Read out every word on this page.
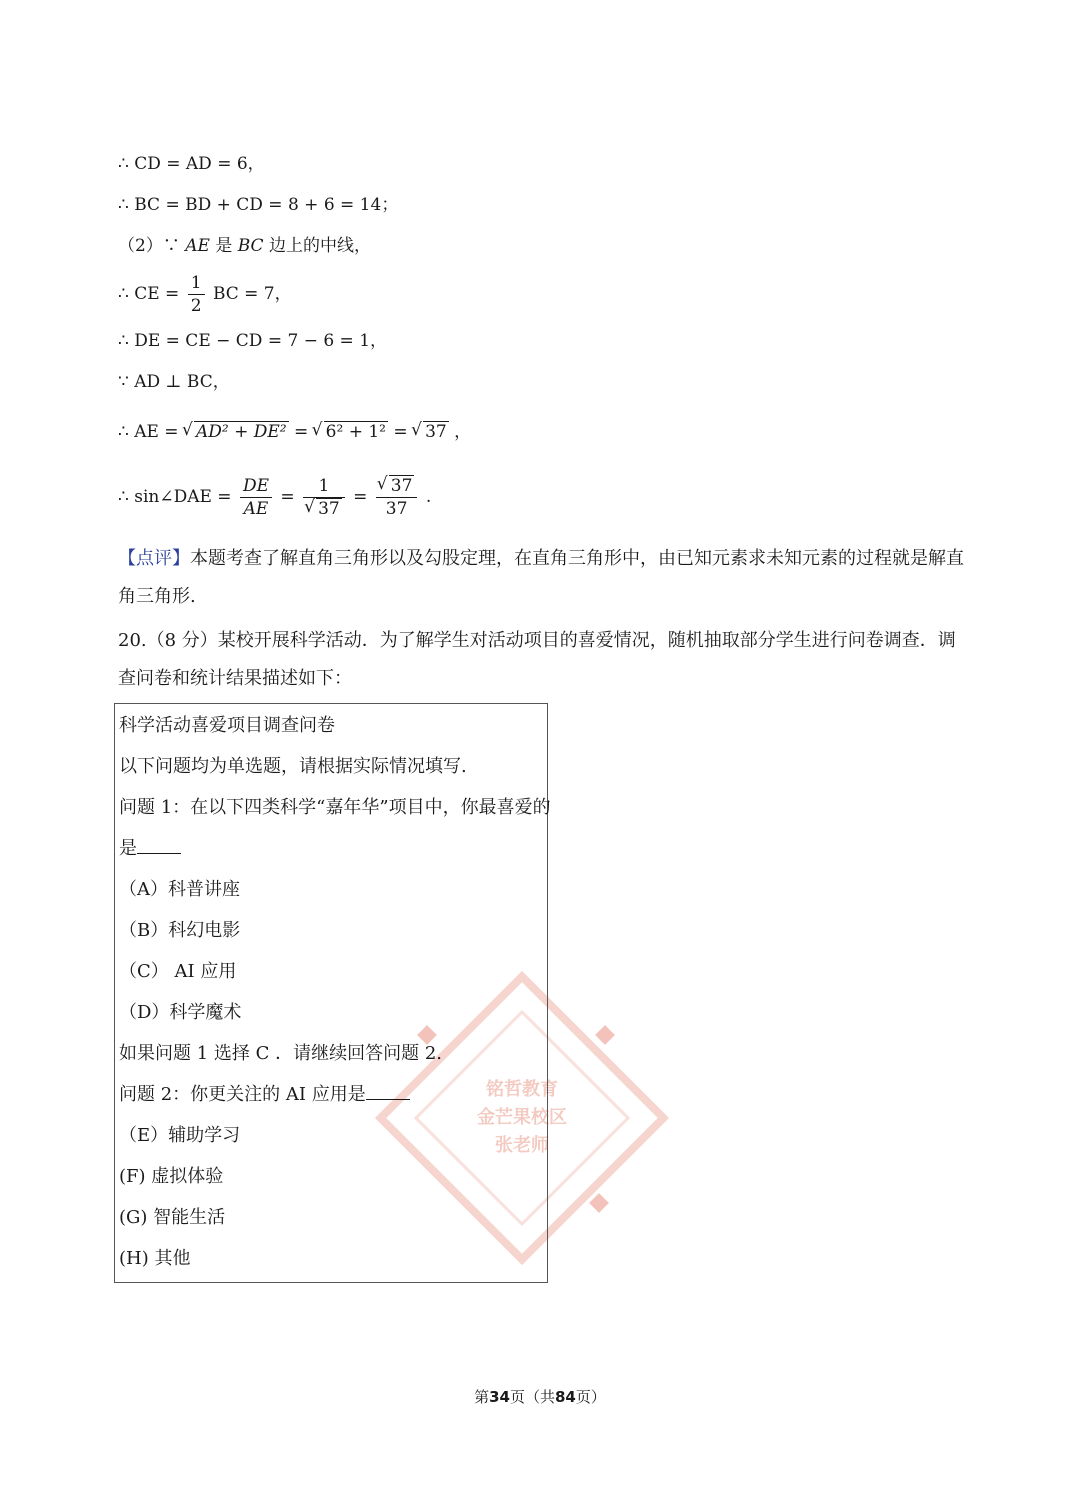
∴ CD = AD = 6，
∴ BC = BD + CD = 8 + 6 = 14；
（2）∵ AE 是 BC 边上的中线，
∴ CE = $\frac{1}{2}$ BC = 7，
∴ DE = CE − CD = 7 − 6 = 1，
∵ AD ⊥ BC，
∴ AE = √ AD² + DE² = √ 6² + 1² = √ 37 ，
∴ sin∠DAE = $\frac{DE}{AE} = 1$
√ 37 = √ $\frac{37}{37}$ .
【点评】本题考查了解直角三角形以及勾股定理，在直角三角形中，由已知元素求未知元素的过程就是解直角三角形.
20.（8 分）某校开展科学活动．为了解学生对活动项目的喜爱情况，随机抽取部分学生进行问卷调查．调查问卷和统计结果描述如下：
铭哲教育
金芒果校区
张老师
科学活动喜爱项目调查问卷
以下问题均为单选题，请根据实际情况填写.
问题 1：在以下四类科学“嘉年华”项目中，你最喜爱的
是
（A）科普讲座
（B）科幻电影
（C） AI 应用
（D）科学魔术
如果问题 1 选择 C ．请继续回答问题 2.
问题 2：你更关注的 AI 应用是
（E）辅助学习
(F) 虚拟体验
(G) 智能生活
(H) 其他
第34页（共84页）
